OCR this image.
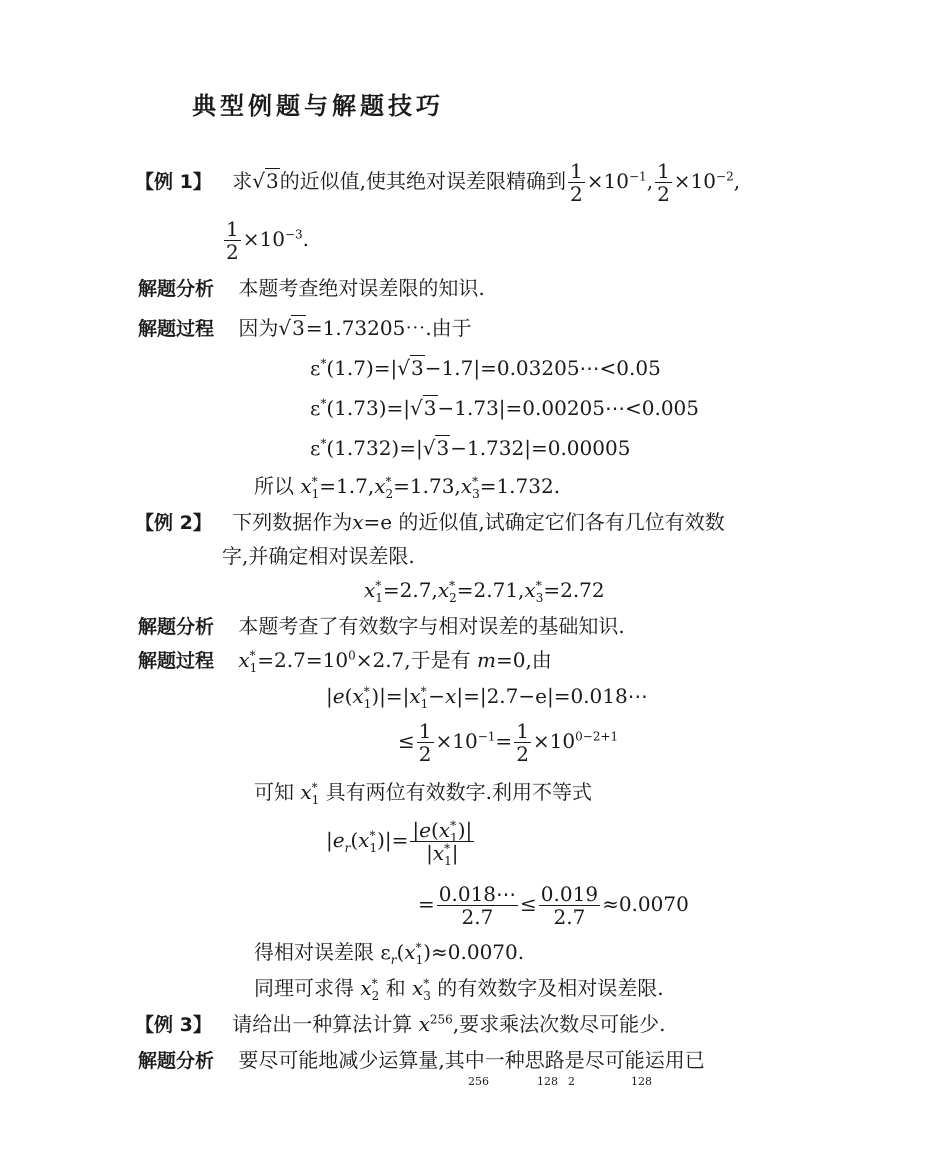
典型例题与解题技巧
【例 1】 求√3的近似值,使其绝对误差限精确到 $\frac{1}{2} \times 10^{-1}$, $\frac{1}{2} \times 10^{-2}$,
$\frac{1}{2} \times 10^{-3}$.
解题分析 本题考查绝对误差限的知识.
解题过程 因为√3=1.73205⋯.由于
ε*(1.7)=|√3−1.7|=0.03205⋯<0.05
ε*(1.73)=|√3−1.73|=0.00205⋯<0.005
ε*(1.732)=|√3−1.732|=0.00005
所以 $x^*_1=1.7,x^*_2=1.73,x^*_3=1.732$.
【例 2】 下列数据作为x=e 的近似值,试确定它们各有几位有效数
字,并确定相对误差限.
$x^*_1=2.7,x^*_2=2.71,x^*_3=2.72$
解题分析 本题考查了有效数字与相对误差的基础知识.
解题过程 $x^*_1=2.7=10^0\times 2.7$,于是有 m=0,由
$|e(x^*_1)|=|x^*_1-x|=|2.7-e|=0.018\cdots$
≤ $\frac{1}{2} \times 10^{-1}= \frac{1}{2} \times 10^{0-2+1}$
可知 $x^*_1$ 具有两位有效数字.利用不等式
$|e_r(x^*_1)|= \frac{|e(x^*_1)|}{|x^*_1|}$
= $\frac{0.018\cdots}{2.7} \le \frac{0.019}{2.7} \approx 0.0070$
得相对误差限 $\varepsilon_r(x^*_1)\approx 0.0070$.
同理可求得 $x^*_2$ 和 $x^*_3$ 的有效数字及相对误差限.
【例 3】 请给出一种算法计算 $x^{256}$,要求乘法次数尽可能少.
解题分析 要尽可能地减少运算量,其中一种思路是尽可能运用已
256	128 2	128
